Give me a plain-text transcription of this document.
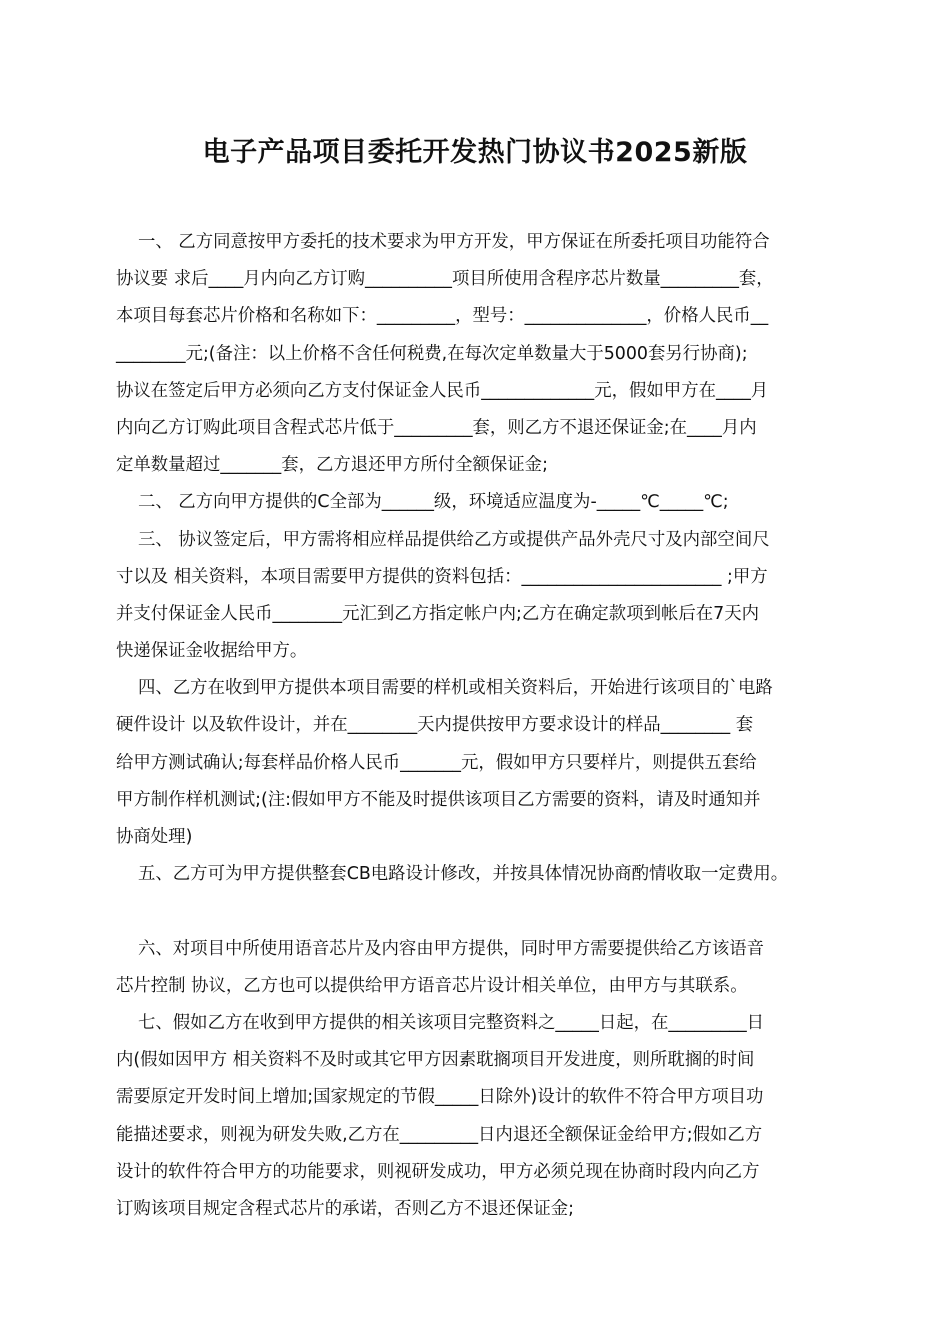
电子产品项目委托开发热门协议书2025新版
一、 乙方同意按甲方委托的技术要求为甲方开发，甲方保证在所委托项目功能符合
协议要 求后____月内向乙方订购__________项目所使用含程序芯片数量_________套，
本项目每套芯片价格和名称如下：_________，型号：______________，价格人民币__
________元;(备注：以上价格不含任何税费,在每次定单数量大于5000套另行协商);
协议在签定后甲方必须向乙方支付保证金人民币_____________元，假如甲方在____月
内向乙方订购此项目含程式芯片低于_________套，则乙方不退还保证金;在____月内
定单数量超过_______套，乙方退还甲方所付全额保证金;
二、 乙方向甲方提供的C全部为______级，环境适应温度为-_____℃_____℃;
三、 协议签定后，甲方需将相应样品提供给乙方或提供产品外壳尺寸及内部空间尺
寸以及 相关资料，本项目需要甲方提供的资料包括：_______________________ ;甲方
并支付保证金人民币________元汇到乙方指定帐户内;乙方在确定款项到帐后在7天内
快递保证金收据给甲方。
四、乙方在收到甲方提供本项目需要的样机或相关资料后，开始进行该项目的`电路
硬件设计 以及软件设计，并在________天内提供按甲方要求设计的样品________ 套
给甲方测试确认;每套样品价格人民币_______元，假如甲方只要样片，则提供五套给
甲方制作样机测试;(注:假如甲方不能及时提供该项目乙方需要的资料，请及时通知并
协商处理)
五、乙方可为甲方提供整套CB电路设计修改，并按具体情况协商酌情收取一定费用。
六、对项目中所使用语音芯片及内容由甲方提供，同时甲方需要提供给乙方该语音
芯片控制 协议，乙方也可以提供给甲方语音芯片设计相关单位，由甲方与其联系。
七、假如乙方在收到甲方提供的相关该项目完整资料之_____日起，在_________日
内(假如因甲方 相关资料不及时或其它甲方因素耽搁项目开发进度，则所耽搁的时间
需要原定开发时间上增加;国家规定的节假_____日除外)设计的软件不符合甲方项目功
能描述要求，则视为研发失败,乙方在_________日内退还全额保证金给甲方;假如乙方
设计的软件符合甲方的功能要求，则视研发成功，甲方必须兑现在协商时段内向乙方
订购该项目规定含程式芯片的承诺，否则乙方不退还保证金;
